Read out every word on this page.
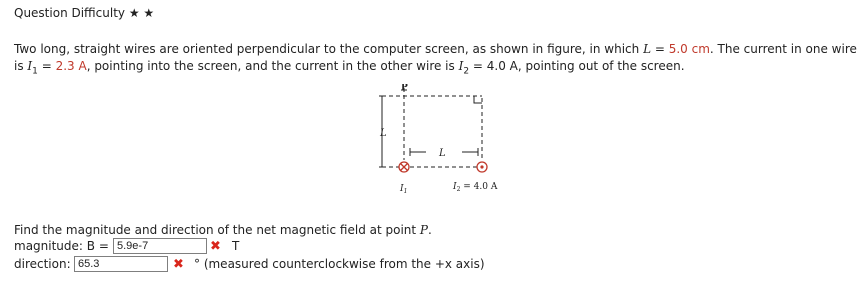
Question Difficulty ★ ★
Two long, straight wires are oriented perpendicular to the computer screen, as shown in figure, in which L = 5.0 cm. The current in one wire
is $I_1 = 2.3$ A, pointing into the screen, and the current in the other wire is $I_2 = 4.0$ A, pointing out of the screen.
P
L
L
$I_1$	$I_2 = 4.0$ A
Find the magnitude and direction of the net magnetic field at point P.
magnitude: B = 5.9e-7	✖ T
direction: 65.3	✖ ° (measured counterclockwise from the +x axis)
